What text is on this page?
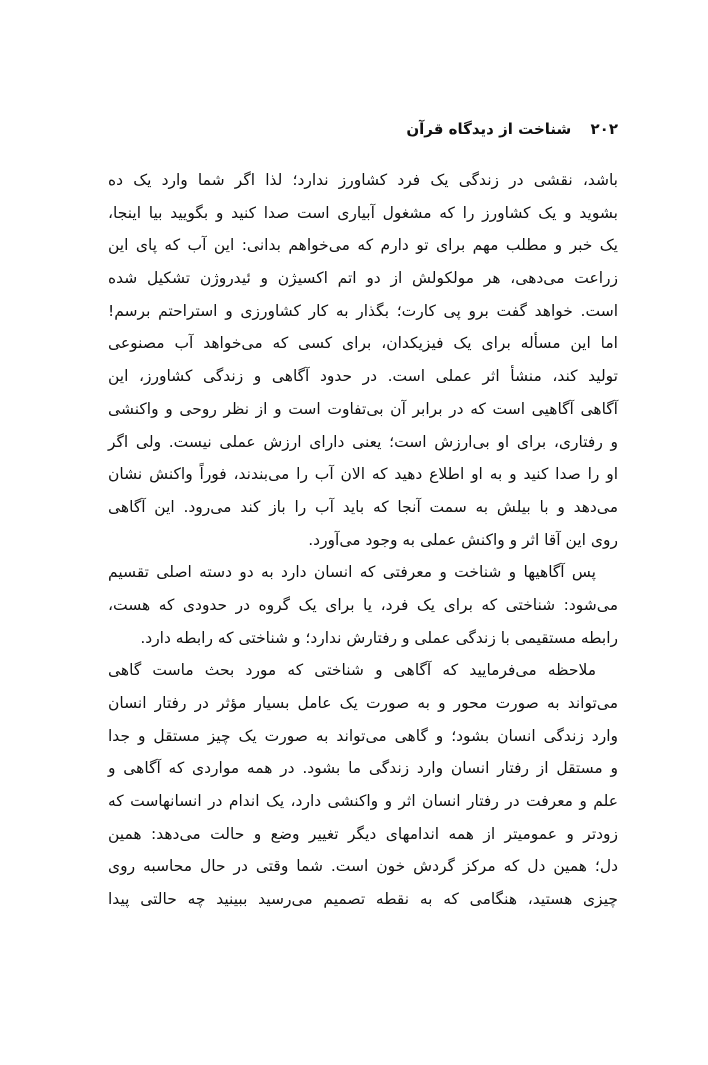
۲۰۲ شناخت از دیدگاه قرآن
باشد، نقشی در زندگی یک فرد کشاورز ندارد؛ لذا اگر شما وارد یک ده
بشوید و یک کشاورز را که مشغول آبیاری است صدا کنید و بگویید بیا اینجا،
یک خبر و مطلب مهم برای تو دارم که می‌خواهم بدانی: این آب که پای این
زراعت می‌دهی، هر مولکولش از دو اتم اکسیژن و ئیدروژن تشکیل شده
است. خواهد گفت برو پی کارت؛ بگذار به کار کشاورزی و استراحتم برسم!
اما این مسأله برای یک فیزیکدان، برای کسی که می‌خواهد آب مصنوعی
تولید کند، منشأ اثر عملی است. در حدود آگاهی و زندگی کشاورز، این
آگاهی آگاهیی است که در برابر آن بی‌تفاوت است و از نظر روحی و واکنشی
و رفتاری، برای او بی‌ارزش است؛ یعنی دارای ارزش عملی نیست. ولی اگر
او را صدا کنید و به او اطلاع دهید که الان آب را می‌بندند، فوراً واکنش نشان
می‌دهد و با بیلش به سمت آنجا که باید آب را باز کند می‌رود. این آگاهی
روی این آقا اثر و واکنش عملی به وجود می‌آورد.
پس آگاهیها و شناخت و معرفتی که انسان دارد به دو دسته اصلی تقسیم
می‌شود: شناختی که برای یک فرد، یا برای یک گروه در حدودی که هست،
رابطه مستقیمی با زندگی عملی و رفتارش ندارد؛ و شناختی که رابطه دارد.
ملاحظه می‌فرمایید که آگاهی و شناختی که مورد بحث ماست گاهی
می‌تواند به صورت محور و به صورت یک عامل بسیار مؤثر در رفتار انسان
وارد زندگی انسان بشود؛ و گاهی می‌تواند به صورت یک چیز مستقل و جدا
و مستقل از رفتار انسان وارد زندگی ما بشود. در همه مواردی که آگاهی و
علم و معرفت در رفتار انسان اثر و واکنشی دارد، یک اندام در انسانهاست که
زودتر و عمومیتر از همه اندامهای دیگر تغییر وضع و حالت می‌دهد: همین
دل؛ همین دل که مرکز گردش خون است. شما وقتی در حال محاسبه روی
چیزی هستید، هنگامی که به نقطه تصمیم می‌رسید ببینید چه حالتی پیدا
